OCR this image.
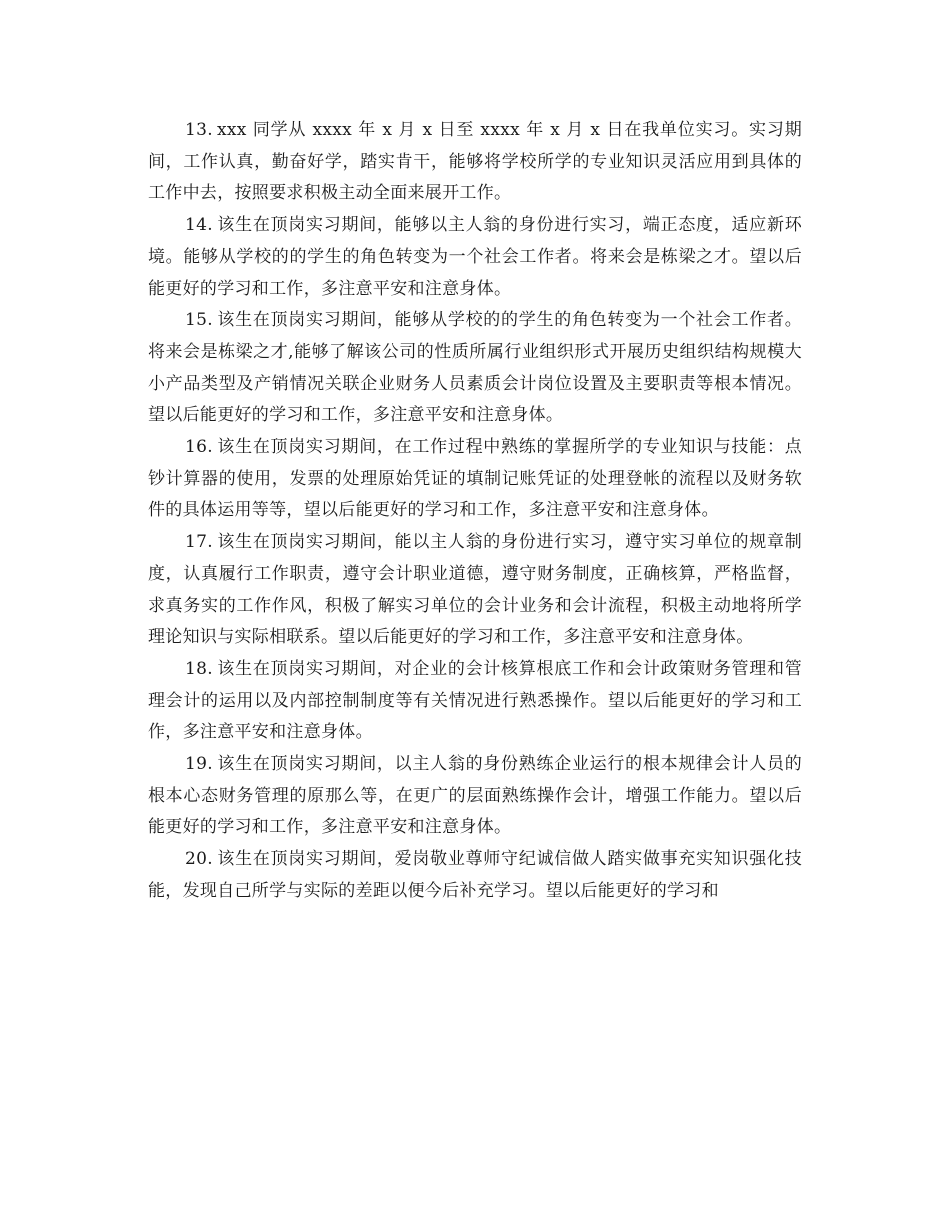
13. xxx 同学从 xxxx 年 x 月 x 日至 xxxx 年 x 月 x 日在我单位实习。实习期间，工作认真，勤奋好学，踏实肯干，能够将学校所学的专业知识灵活应用到具体的工作中去，按照要求积极主动全面来展开工作。

14. 该生在顶岗实习期间，能够以主人翁的身份进行实习，端正态度，适应新环境。能够从学校的的学生的角色转变为一个社会工作者。将来会是栋梁之才。望以后能更好的学习和工作，多注意平安和注意身体。

15. 该生在顶岗实习期间，能够从学校的的学生的角色转变为一个社会工作者。将来会是栋梁之才,能够了解该公司的性质所属行业组织形式开展历史组织结构规模大小产品类型及产销情况关联企业财务人员素质会计岗位设置及主要职责等根本情况。望以后能更好的学习和工作，多注意平安和注意身体。

16. 该生在顶岗实习期间，在工作过程中熟练的掌握所学的专业知识与技能：点钞计算器的使用，发票的处理原始凭证的填制记账凭证的处理登帐的流程以及财务软件的具体运用等等，望以后能更好的学习和工作，多注意平安和注意身体。

17. 该生在顶岗实习期间，能以主人翁的身份进行实习，遵守实习单位的规章制度，认真履行工作职责，遵守会计职业道德，遵守财务制度，正确核算，严格监督，求真务实的工作作风，积极了解实习单位的会计业务和会计流程，积极主动地将所学理论知识与实际相联系。望以后能更好的学习和工作，多注意平安和注意身体。

18. 该生在顶岗实习期间，对企业的会计核算根底工作和会计政策财务管理和管理会计的运用以及内部控制制度等有关情况进行熟悉操作。望以后能更好的学习和工作，多注意平安和注意身体。

19. 该生在顶岗实习期间，以主人翁的身份熟练企业运行的根本规律会计人员的根本心态财务管理的原那么等，在更广的层面熟练操作会计，增强工作能力。望以后能更好的学习和工作，多注意平安和注意身体。

20. 该生在顶岗实习期间，爱岗敬业尊师守纪诚信做人踏实做事充实知识强化技能，发现自己所学与实际的差距以便今后补充学习。望以后能更好的学习和
